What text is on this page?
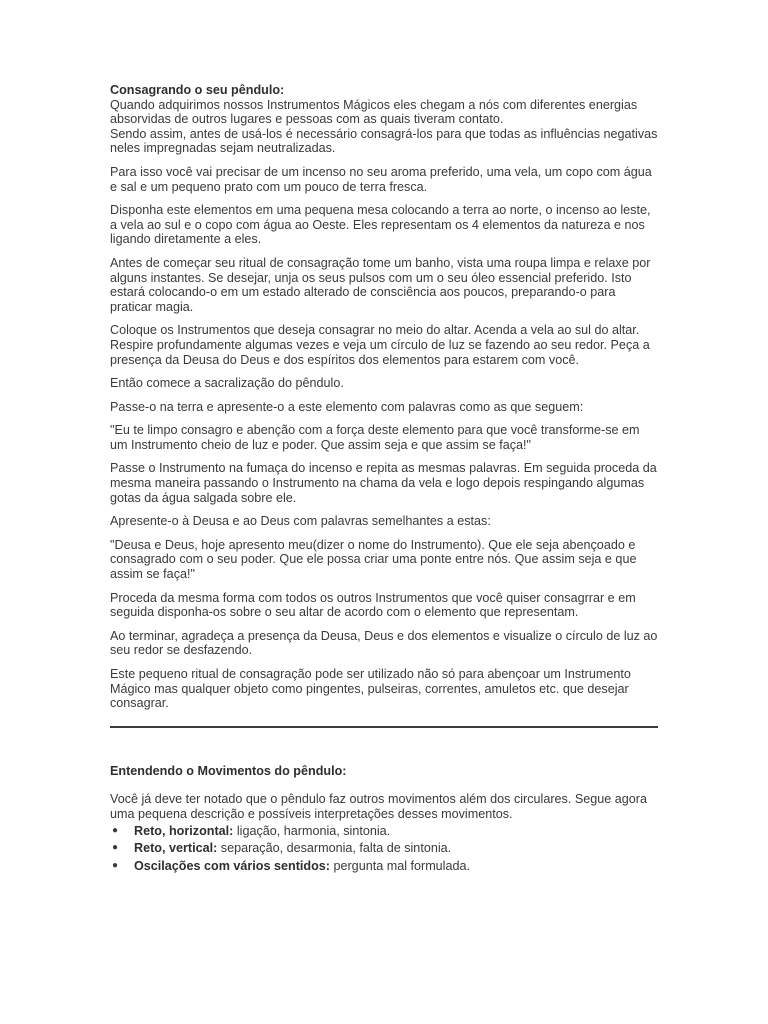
Consagrando o seu pêndulo:
Quando adquirimos nossos Instrumentos Mágicos eles chegam a nós com diferentes energias absorvidas de outros lugares e pessoas com as quais tiveram contato.
Sendo assim, antes de usá-los é necessário consagrá-los para que todas as influências negativas neles impregnadas sejam neutralizadas.

Para isso você vai precisar de um incenso no seu aroma preferido, uma vela, um copo com água e sal e um pequeno prato com um pouco de terra fresca.

Disponha este elementos em uma pequena mesa colocando a terra ao norte, o incenso ao leste, a vela ao sul e o copo com água ao Oeste. Eles representam os 4 elementos da natureza e nos ligando diretamente a eles.

Antes de começar seu ritual de consagração tome um banho, vista uma roupa limpa e relaxe por alguns instantes. Se desejar, unja os seus pulsos com um o seu óleo essencial preferido. Isto estará colocando-o em um estado alterado de consciência aos poucos, preparando-o para praticar magia.

Coloque os Instrumentos que deseja consagrar no meio do altar. Acenda a vela ao sul do altar. Respire profundamente algumas vezes e veja um círculo de luz se fazendo ao seu redor. Peça a presença da Deusa do Deus e dos espíritos dos elementos para estarem com você.

Então comece a sacralização do pêndulo.

Passe-o na terra e apresente-o a este elemento com palavras como as que seguem:

"Eu te limpo consagro e abenção com a força deste elemento para que você transforme-se em um Instrumento cheio de luz e poder. Que assim seja e que assim se faça!"

Passe o Instrumento na fumaça do incenso e repita as mesmas palavras. Em seguida proceda da mesma maneira passando o Instrumento na chama da vela e logo depois respingando algumas gotas da água salgada sobre ele.

Apresente-o à Deusa e ao Deus com palavras semelhantes a estas:

"Deusa e Deus, hoje apresento meu(dizer o nome do Instrumento). Que ele seja abençoado e consagrado com o seu poder. Que ele possa criar uma ponte entre nós. Que assim seja e que assim se faça!"

Proceda da mesma forma com todos os outros Instrumentos que você quiser consagrrar e em seguida disponha-os sobre o seu altar de acordo com o elemento que representam.

Ao terminar, agradeça a presença da Deusa, Deus e dos elementos e visualize o círculo de luz ao seu redor se desfazendo.

Este pequeno ritual de consagração pode ser utilizado não só para abençoar um Instrumento Mágico mas qualquer objeto como pingentes, pulseiras, correntes, amuletos etc. que desejar consagrar.

Entendendo o Movimentos do pêndulo:

Você já deve ter notado que o pêndulo faz outros movimentos além dos circulares. Segue agora uma pequena descrição e possíveis interpretações desses movimentos.

● Reto, horizontal: ligação, harmonia, sintonia.
● Reto, vertical: separação, desarmonia, falta de sintonia.
● Oscilações com vários sentidos: pergunta mal formulada.
